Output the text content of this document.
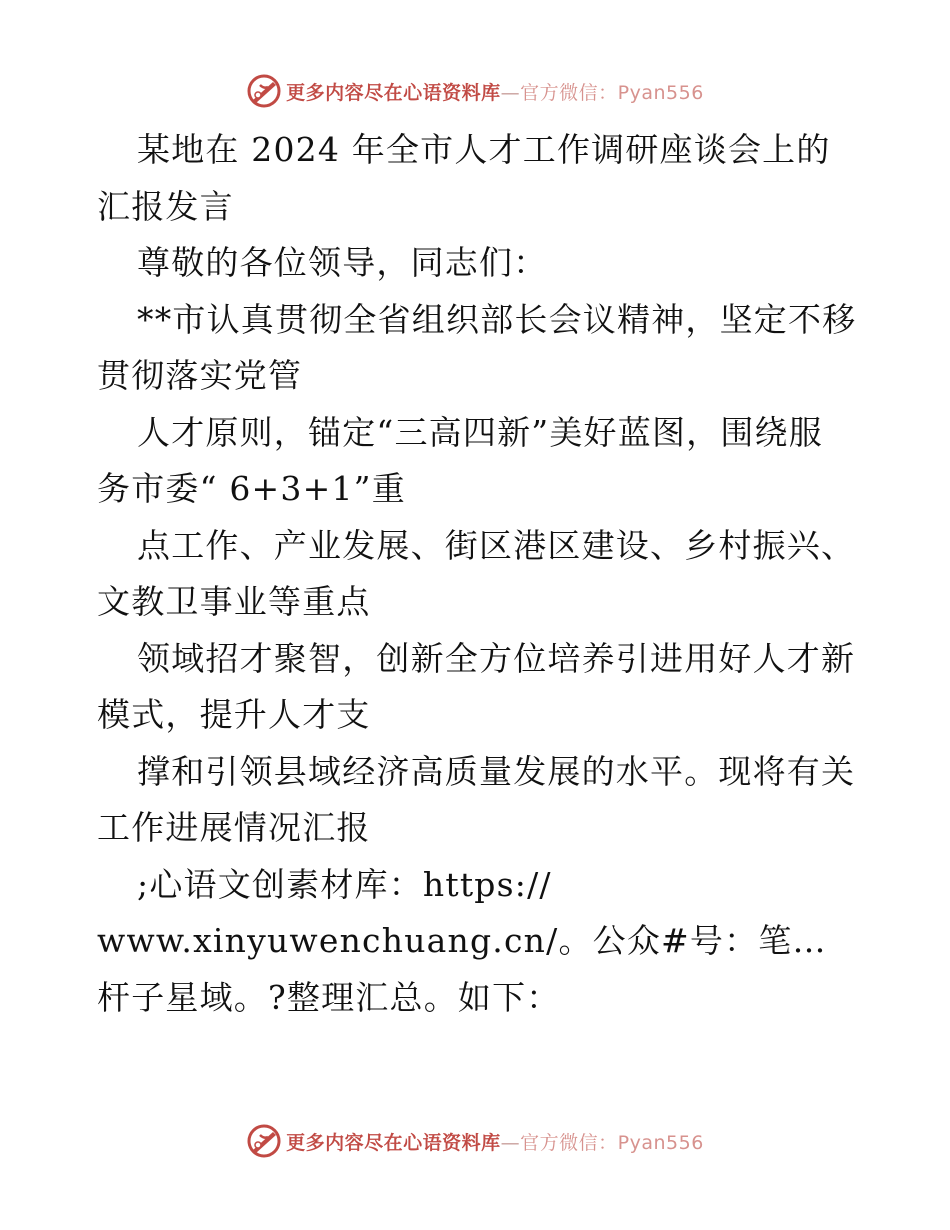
更多内容尽在心语资料库—官方微信：Pyan556

某地在 2024 年全市人才工作调研座谈会上的汇报发言

尊敬的各位领导，同志们：

**市认真贯彻全省组织部长会议精神，坚定不移贯彻落实党管

人才原则，锚定“三高四新”美好蓝图，围绕服务市委“ 6+3+1”重

点工作、产业发展、街区港区建设、乡村振兴、文教卫事业等重点

领域招才聚智，创新全方位培养引进用好人才新模式，提升人才支

撑和引领县域经济高质量发展的水平。现将有关工作进展情况汇报

;心语文创素材库：https://

www.xinyuwenchuang.cn/。公众#号：笔…杆子星域。?整理汇总。如下：

更多内容尽在心语资料库—官方微信：Pyan556
